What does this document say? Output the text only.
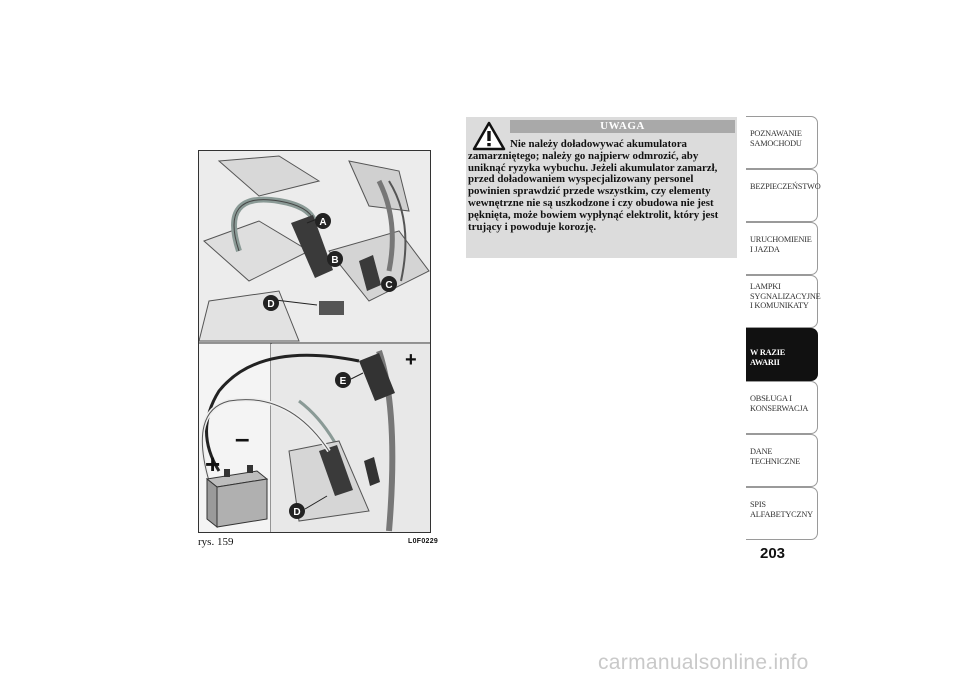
A
B
C
D
+
–
+
E
D
rys. 159	L0F0229
UWAGA

Nie należy doładowywać akumulatora zamarzniętego; należy go najpierw odmrozić, aby uniknąć ryzyka wybuchu. Jeżeli akumulator zamarzł, przed doładowaniem wyspecjalizowany personel powinien sprawdzić przede wszystkim, czy elementy wewnętrzne nie są uszkodzone i czy obudowa nie jest pęknięta, może bowiem wypłynąć elektrolit, który jest trujący i powoduje korozję.

POZNAWANIE SAMOCHODU
BEZPIECZEŃSTWO
URUCHOMIENIE I JAZDA
LAMPKI SYGNALIZACYJNE I KOMUNIKATY
W RAZIE AWARII
OBSŁUGA I KONSERWACJA
DANE TECHNICZNE
SPIS ALFABETYCZNY
203
carmanualsonline.info
